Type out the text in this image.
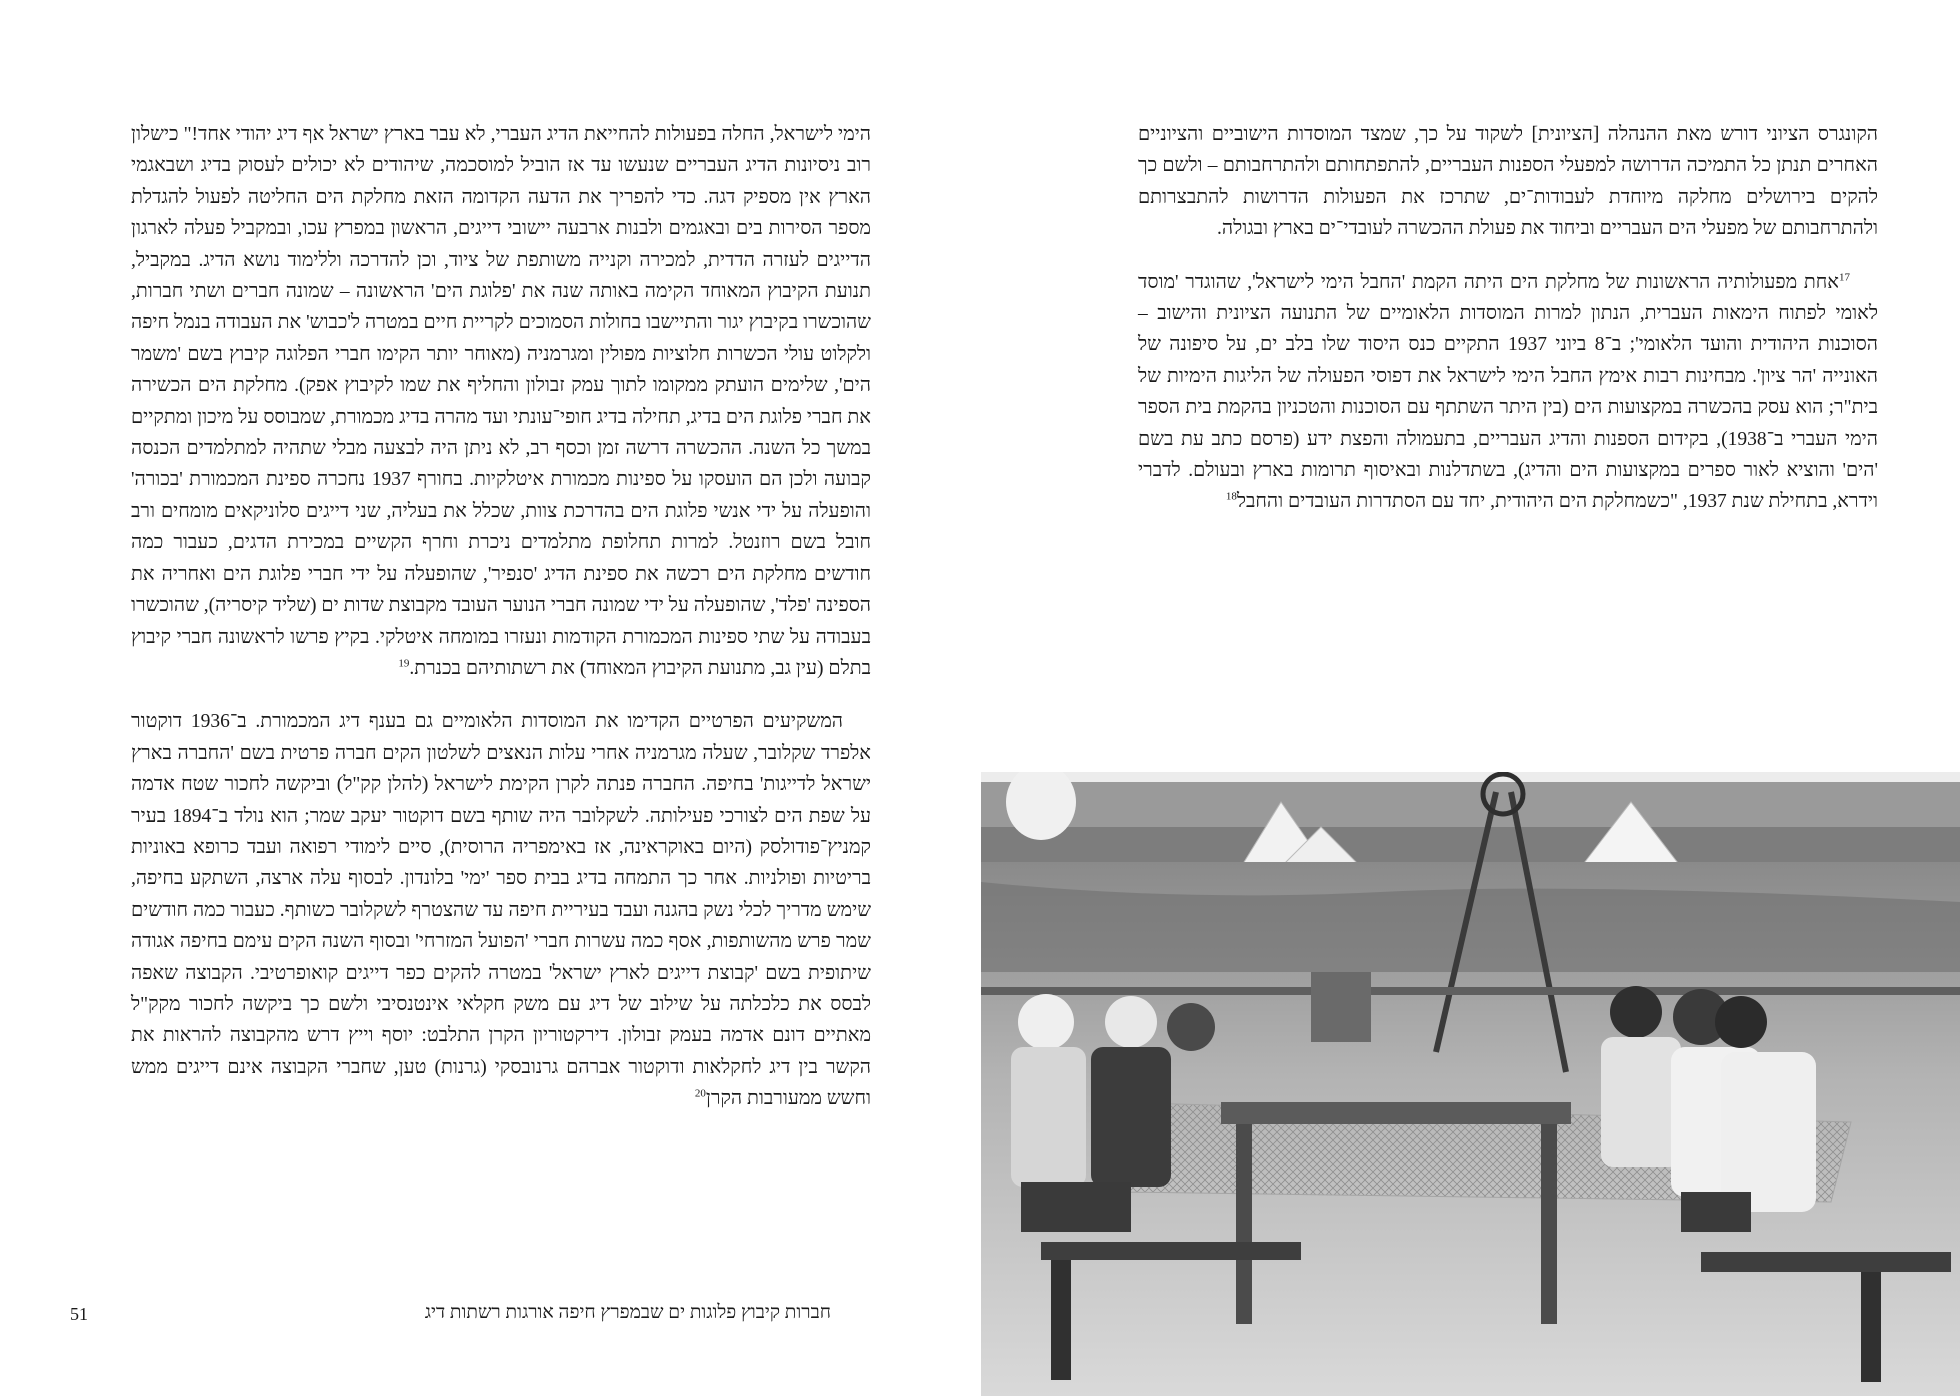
הימי לישראל, החלה בפעולות להחייאת הדיג העברי, לא עבר בארץ ישראל אף דיג יהודי אחד!" כישלון רוב ניסיונות הדיג העבריים שנעשו עד אז הוביל למוסכמה, שיהודים לא יכולים לעסוק בדיג ושבאגמי הארץ אין מספיק דגה. כדי להפריך את הדעה הקדומה הזאת מחלקת הים החליטה לפעול להגדלת מספר הסירות בים ובאגמים ולבנות ארבעה יישובי דייגים, הראשון במפרץ עכו, ובמקביל פעלה לארגון הדייגים לעזרה הדדית, למכירה וקנייה משותפת של ציוד, וכן להדרכה וללימוד נושא הדיג. במקביל, תנועת הקיבוץ המאוחד הקימה באותה שנה את 'פלוגת הים' הראשונה – שמונה חברים ושתי חברות, שהוכשרו בקיבוץ יגור והתיישבו בחולות הסמוכים לקריית חיים במטרה ל'כבוש' את העבודה בנמל חיפה ולקלוט עולי הכשרות חלוציות מפולין ומגרמניה (מאוחר יותר הקימו חברי הפלוגה קיבוץ בשם 'משמר הים', שלימים הועתק ממקומו לתוך עמק זבולון והחליף את שמו לקיבוץ אפק). מחלקת הים הכשירה את חברי פלוגת הים בדיג, תחילה בדיג חופי־עונתי ועד מהרה בדיג מכמורת, שמבוסס על מיכון ומתקיים במשך כל השנה. ההכשרה דרשה זמן וכסף רב, לא ניתן היה לבצעה מבלי שתהיה למתלמדים הכנסה קבועה ולכן הם הועסקו על ספינות מכמורת איטלקיות. בחורף 1937 נחכרה ספינת המכמורת 'בכורה' והופעלה על ידי אנשי פלוגת הים בהדרכת צוות, שכלל את בעליה, שני דייגים סלוניקאים מומחים ורב חובל בשם רוזנטל. למרות תחלופת מתלמדים ניכרת וחרף הקשיים במכירת הדגים, כעבור כמה חודשים מחלקת הים רכשה את ספינת הדיג 'סנפיר', שהופעלה על ידי חברי פלוגת הים ואחריה את הספינה 'פלד', שהופעלה על ידי שמונה חברי הנוער העובד מקבוצת שדות ים (שליד קיסריה), שהוכשרו בעבודה על שתי ספינות המכמורת הקודמות ונעזרו במומחה איטלקי. בקיץ פרשו לראשונה חברי קיבוץ בתלם (עין גב, מתנועת הקיבוץ המאוחד) את רשתותיהם בכנרת.$^{19}$

המשקיעים הפרטיים הקדימו את המוסדות הלאומיים גם בענף דיג המכמורת. ב־1936 דוקטור אלפרד שקלובר, שעלה מגרמניה אחרי עלות הנאצים לשלטון הקים חברה פרטית בשם 'החברה בארץ ישראל לדייגות' בחיפה. החברה פנתה לקרן הקימת לישראל (להלן קק"ל) וביקשה לחכור שטח אדמה על שפת הים לצורכי פעילותה. לשקלובר היה שותף בשם דוקטור יעקב שמר; הוא נולד ב־1894 בעיר קמניץ־פודולסק (היום באוקראינה, אז באימפריה הרוסית), סיים לימודי רפואה ועבד כרופא באוניות בריטיות ופולניות. אחר כך התמחה בדיג בבית ספר 'ימי' בלונדון. לבסוף עלה ארצה, השתקע בחיפה, שימש מדריך לכלי נשק בהגנה ועבד בעיריית חיפה עד שהצטרף לשקלובר כשותף. כעבור כמה חודשים שמר פרש מהשותפות, אסף כמה עשרות חברי 'הפועל המזרחי' ובסוף השנה הקים עימם בחיפה אגודה שיתופית בשם 'קבוצת דייגים לארץ ישראל' במטרה להקים כפר דייגים קואופרטיבי. הקבוצה שאפה לבסס את כלכלתה על שילוב של דיג עם משק חקלאי אינטנסיבי ולשם כך ביקשה לחכור מקק"ל מאתיים דונם אדמה בעמק זבולון. דירקטוריון הקרן התלבט: יוסף וייץ דרש מהקבוצה להראות את הקשר בין דיג לחקלאות ודוקטור אברהם גרנובסקי (גרנות) טען, שחברי הקבוצה אינם דייגים ממש וחשש ממעורבות הקרן$^{20}$

51	חברות קיבוץ פלוגות ים שבמפרץ חיפה אורגות רשתות דיג

הקונגרס הציוני דורש מאת ההנהלה [הציונית] לשקוד על כך, שמצד המוסדות הישוביים והציוניים האחרים תנתן כל התמיכה הדרושה למפעלי הספנות העבריים, להתפתחותם ולהתרחבותם – ולשם כך להקים בירושלים מחלקה מיוחדת לעבודות־ים, שתרכז את הפעולות הדרושות להתבצרותם ולהתרחבותם של מפעלי הים העבריים וביחוד את פעולת ההכשרה לעובדי־ים בארץ ובגולה.

$^{17}$אחת מפעולותיה הראשונות של מחלקת הים היתה הקמת 'החבל הימי לישראל', שהוגדר 'מוסד לאומי לפתוח הימאות העברית, הנתון למרות המוסדות הלאומיים של התנועה הציונית והישוב – הסוכנות היהודית והועד הלאומי'; ב־8 ביוני 1937 התקיים כנס היסוד שלו בלב ים, על סיפונה של האונייה 'הר ציון'. מבחינות רבות אימץ החבל הימי לישראל את דפוסי הפעולה של הליגות הימיות של בית"ר; הוא עסק בהכשרה במקצועות הים (בין היתר השתתף עם הסוכנות והטכניון בהקמת בית הספר הימי העברי ב־1938), בקידום הספנות והדיג העבריים, בתעמולה והפצת ידע (פרסם כתב עת בשם 'הים' והוציא לאור ספרים במקצועות הים והדיג), בשתדלנות ובאיסוף תרומות בארץ ובעולם. לדברי וידרא, בתחילת שנת 1937, "כשמחלקת הים היהודית, יחד עם הסתדרות העובדים והחבל$^{18}$
